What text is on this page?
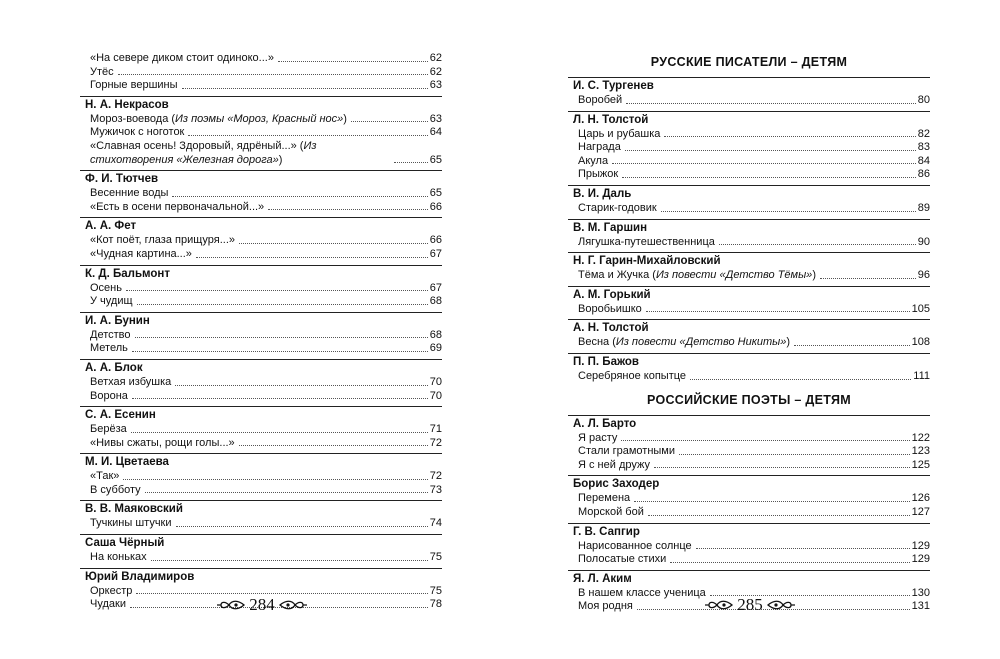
«На севере диком стоит одиноко...»	62
Утёс	62
Горные вершины	63
Н. А. Некрасов
Мороз-воевода (Из поэмы «Мороз, Красный нос»)	63
Мужичок с ноготок	64
«Славная осень! Здоровый, ядрёный...» (Из стихотворения «Железная дорога»)	65
Ф. И. Тютчев
Весенние воды	65
«Есть в осени первоначальной...»	66
А. А. Фет
«Кот поёт, глаза прищуря...»	66
«Чудная картина...»	67
К. Д. Бальмонт
Осень	67
У чудищ	68
И. А. Бунин
Детство	68
Метель	69
А. А. Блок
Ветхая избушка	70
Ворона	70
С. А. Есенин
Берёза	71
«Нивы сжаты, рощи голы...»	72
М. И. Цветаева
«Так»	72
В субботу	73
В. В. Маяковский
Тучкины штучки	74
Саша Чёрный
На коньках	75
Юрий Владимиров
Оркестр	75
Чудаки	78
РУССКИЕ ПИСАТЕЛИ – ДЕТЯМ
И. С. Тургенев
Воробей	80
Л. Н. Толстой
Царь и рубашка	82
Награда	83
Акула	84
Прыжок	86
В. И. Даль
Старик-годовик	89
В. М. Гаршин
Лягушка-путешественница	90
Н. Г. Гарин-Михайловский
Тёма и Жучка (Из повести «Детство Тёмы»)	96
А. М. Горький
Воробьишко	105
А. Н. Толстой
Весна (Из повести «Детство Никиты»)	108
П. П. Бажов
Серебряное копытце	111
РОССИЙСКИЕ ПОЭТЫ – ДЕТЯМ
А. Л. Барто
Я расту	122
Стали грамотными	123
Я с ней дружу	125
Борис Заходер
Перемена	126
Морской бой	127
Г. В. Сапгир
Нарисованное солнце	129
Полосатые стихи	129
Я. Л. Аким
В нашем классе ученица	130
Моя родня	131
284	285
